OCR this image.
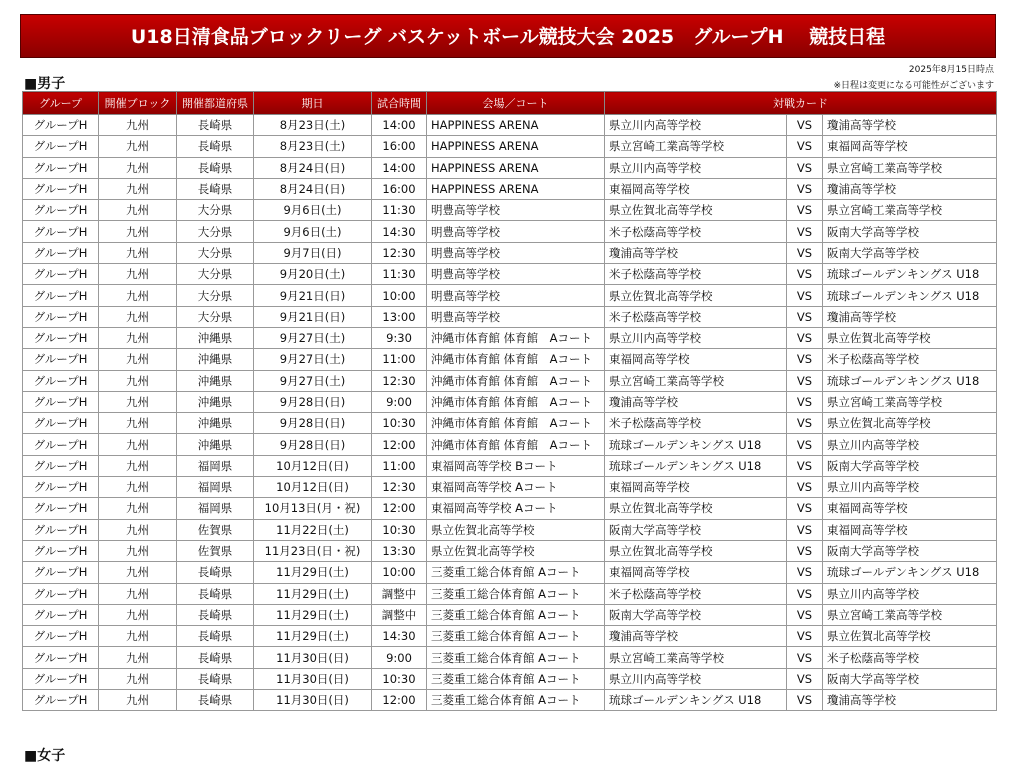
U18日清食品ブロックリーグ バスケットボール競技大会 2025　グループH　 競技日程
2025年8月15日時点
■男子	※日程は変更になる可能性がございます
グループ	開催ブロック	開催都道府県	期日	試合時間	会場／コート	対戦カード		
グループH	九州	長崎県	8月23日(土)	14:00	HAPPINESS ARENA	県立川内高等学校	VS	瓊浦高等学校
グループH	九州	長崎県	8月23日(土)	16:00	HAPPINESS ARENA	県立宮崎工業高等学校	VS	東福岡高等学校
グループH	九州	長崎県	8月24日(日)	14:00	HAPPINESS ARENA	県立川内高等学校	VS	県立宮崎工業高等学校
グループH	九州	長崎県	8月24日(日)	16:00	HAPPINESS ARENA	東福岡高等学校	VS	瓊浦高等学校
グループH	九州	大分県	9月6日(土)	11:30	明豊高等学校	県立佐賀北高等学校	VS	県立宮崎工業高等学校
グループH	九州	大分県	9月6日(土)	14:30	明豊高等学校	米子松蔭高等学校	VS	阪南大学高等学校
グループH	九州	大分県	9月7日(日)	12:30	明豊高等学校	瓊浦高等学校	VS	阪南大学高等学校
グループH	九州	大分県	9月20日(土)	11:30	明豊高等学校	米子松蔭高等学校	VS	琉球ゴールデンキングス U18
グループH	九州	大分県	9月21日(日)	10:00	明豊高等学校	県立佐賀北高等学校	VS	琉球ゴールデンキングス U18
グループH	九州	大分県	9月21日(日)	13:00	明豊高等学校	米子松蔭高等学校	VS	瓊浦高等学校
グループH	九州	沖縄県	9月27日(土)	9:30	沖縄市体育館 体育館　Aコート	県立川内高等学校	VS	県立佐賀北高等学校
グループH	九州	沖縄県	9月27日(土)	11:00	沖縄市体育館 体育館　Aコート	東福岡高等学校	VS	米子松蔭高等学校
グループH	九州	沖縄県	9月27日(土)	12:30	沖縄市体育館 体育館　Aコート	県立宮崎工業高等学校	VS	琉球ゴールデンキングス U18
グループH	九州	沖縄県	9月28日(日)	9:00	沖縄市体育館 体育館　Aコート	瓊浦高等学校	VS	県立宮崎工業高等学校
グループH	九州	沖縄県	9月28日(日)	10:30	沖縄市体育館 体育館　Aコート	米子松蔭高等学校	VS	県立佐賀北高等学校
グループH	九州	沖縄県	9月28日(日)	12:00	沖縄市体育館 体育館　Aコート	琉球ゴールデンキングス U18	VS	県立川内高等学校
グループH	九州	福岡県	10月12日(日)	11:00	東福岡高等学校 Bコート	琉球ゴールデンキングス U18	VS	阪南大学高等学校
グループH	九州	福岡県	10月12日(日)	12:30	東福岡高等学校 Aコート	東福岡高等学校	VS	県立川内高等学校
グループH	九州	福岡県	10月13日(月・祝)	12:00	東福岡高等学校 Aコート	県立佐賀北高等学校	VS	東福岡高等学校
グループH	九州	佐賀県	11月22日(土)	10:30	県立佐賀北高等学校	阪南大学高等学校	VS	東福岡高等学校
グループH	九州	佐賀県	11月23日(日・祝)	13:30	県立佐賀北高等学校	県立佐賀北高等学校	VS	阪南大学高等学校
グループH	九州	長崎県	11月29日(土)	10:00	三菱重工総合体育館 Aコート	東福岡高等学校	VS	琉球ゴールデンキングス U18
グループH	九州	長崎県	11月29日(土)	調整中	三菱重工総合体育館 Aコート	米子松蔭高等学校	VS	県立川内高等学校
グループH	九州	長崎県	11月29日(土)	調整中	三菱重工総合体育館 Aコート	阪南大学高等学校	VS	県立宮崎工業高等学校
グループH	九州	長崎県	11月29日(土)	14:30	三菱重工総合体育館 Aコート	瓊浦高等学校	VS	県立佐賀北高等学校
グループH	九州	長崎県	11月30日(日)	9:00	三菱重工総合体育館 Aコート	県立宮崎工業高等学校	VS	米子松蔭高等学校
グループH	九州	長崎県	11月30日(日)	10:30	三菱重工総合体育館 Aコート	県立川内高等学校	VS	阪南大学高等学校
グループH	九州	長崎県	11月30日(日)	12:00	三菱重工総合体育館 Aコート	琉球ゴールデンキングス U18	VS	瓊浦高等学校
■女子
